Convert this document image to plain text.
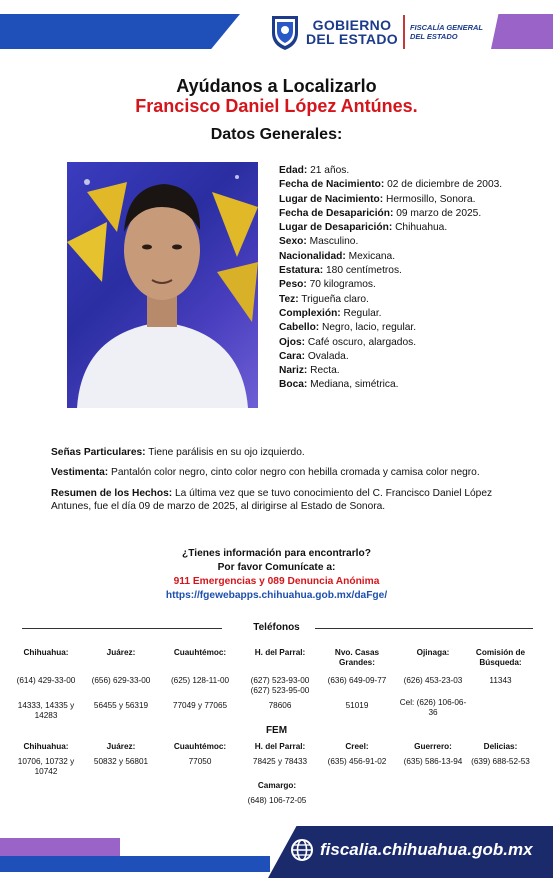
GOBIERNO
DEL ESTADO
FISCALÍA GENERAL
DEL ESTADO
Ayúdanos a Localizarlo
Francisco Daniel López Antúnes.
Datos Generales:
Edad: 21 años.
Fecha de Nacimiento: 02 de diciembre de 2003.
Lugar de Nacimiento: Hermosillo, Sonora.
Fecha de Desaparición: 09 marzo de 2025.
Lugar de Desaparición: Chihuahua.
Sexo: Masculino.
Nacionalidad: Mexicana.
Estatura: 180 centímetros.
Peso: 70 kilogramos.
Tez: Trigueña claro.
Complexión: Regular.
Cabello: Negro, lacio, regular.
Ojos: Café oscuro, alargados.
Cara: Ovalada.
Nariz: Recta.
Boca: Mediana, simétrica.
Señas Particulares: Tiene parálisis en su ojo izquierdo.
Vestimenta: Pantalón color negro, cinto color negro con hebilla cromada y camisa color negro.
Resumen de los Hechos: La última vez que se tuvo conocimiento del C. Francisco Daniel López Antunes, fue el día 09 de marzo de 2025, al dirigirse al Estado de Sonora.
¿Tienes información para encontrarlo?
Por favor Comunícate a:
911 Emergencias y 089 Denuncia Anónima
https://fgewebapps.chihuahua.gob.mx/daFge/
Teléfonos
Chihuahua:
(614) 429-33-00
14333, 14335 y 14283
Juárez:
(656) 629-33-00
56455 y 56319
Cuauhtémoc:
(625) 128-11-00
77049 y 77065
H. del Parral:
(627) 523-93-00 (627) 523-95-00
78606
Nvo. Casas Grandes:
(636) 649-09-77
51019
Ojinaga:
(626) 453-23-03
Cel: (626) 106-06-36
Comisión de Búsqueda:
11343
FEM
Chihuahua:
10706, 10732 y 10742
Juárez:
50832 y 56801
Cuauhtémoc:
77050
H. del Parral:
78425 y 78433
Creel:
(635) 456-91-02
Guerrero:
(635) 586-13-94
Delicias:
(639) 688-52-53
Camargo:
(648) 106-72-05
fiscalia.chihuahua.gob.mx
